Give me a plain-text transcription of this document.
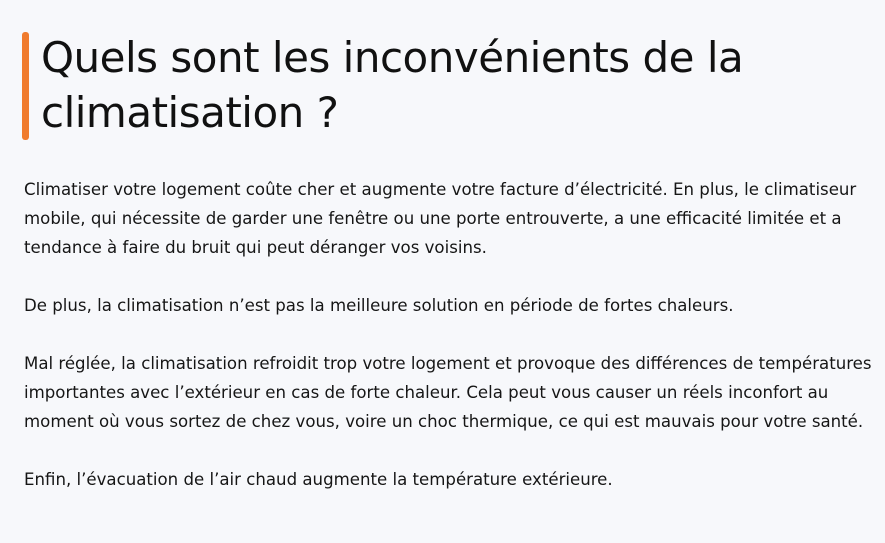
Quels sont les inconvénients de la climatisation ?

Climatiser votre logement coûte cher et augmente votre facture d’électricité. En plus, le climatiseur mobile, qui nécessite de garder une fenêtre ou une porte entrouverte, a une efficacité limitée et a tendance à faire du bruit qui peut déranger vos voisins.

De plus, la climatisation n’est pas la meilleure solution en période de fortes chaleurs.

Mal réglée, la climatisation refroidit trop votre logement et provoque des différences de températures importantes avec l’extérieur en cas de forte chaleur. Cela peut vous causer un réels inconfort au moment où vous sortez de chez vous, voire un choc thermique, ce qui est mauvais pour votre santé.

Enfin, l’évacuation de l’air chaud augmente la température extérieure.
